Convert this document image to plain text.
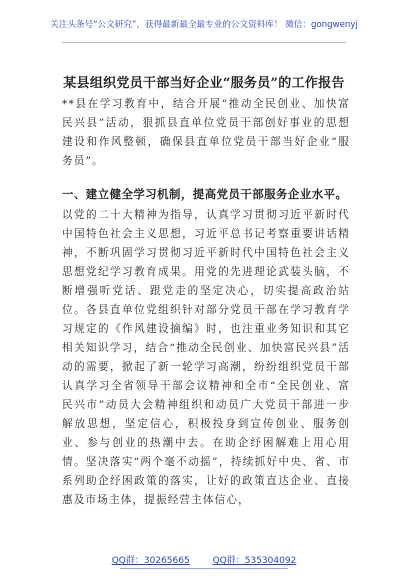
关注头条号“公文研究”，获得最新最全最专业的公文资料库！ 微信：gongwenyj
某县组织党员干部当好企业“服务员”的工作报告
**县在学习教育中，结合开展“推动全民创业、加快富民兴县”活动，狠抓县直单位党员干部创好事业的思想建设和作风整顿，确保县直单位党员干部当好企业“服务员”。
一、建立健全学习机制，提高党员干部服务企业水平。
以党的二十大精神为指导，认真学习贯彻习近平新时代中国特色社会主义思想，习近平总书记考察重要讲话精神，不断巩固学习贯彻习近平新时代中国特色社会主义思想党纪学习教育成果。用党的先进理论武装头脑，不断增强听党话、跟党走的坚定决心，切实提高政治站位。各县直单位党组织针对部分党员干部在学习教育学习规定的《作风建设摘编》时，也注重业务知识和其它相关知识学习，结合“推动全民创业、加快富民兴县”活动的需要，掀起了新一轮学习高潮，纷纷组织党员干部认真学习全省领导干部会议精神和全市“全民创业、富民兴市”动员大会精神组织和动员广大党员干部进一步解放思想，坚定信心，积极投身到宣传创业、服务创业、参与创业的热潮中去。在助企纾困解难上用心用情。坚决落实“两个毫不动摇”，持续抓好中央、省、市系列助企纾困政策的落实，让好的政策直达企业、直接惠及市场主体，提振经营主体信心，
QQ群：30265665	QQ群：535304092
